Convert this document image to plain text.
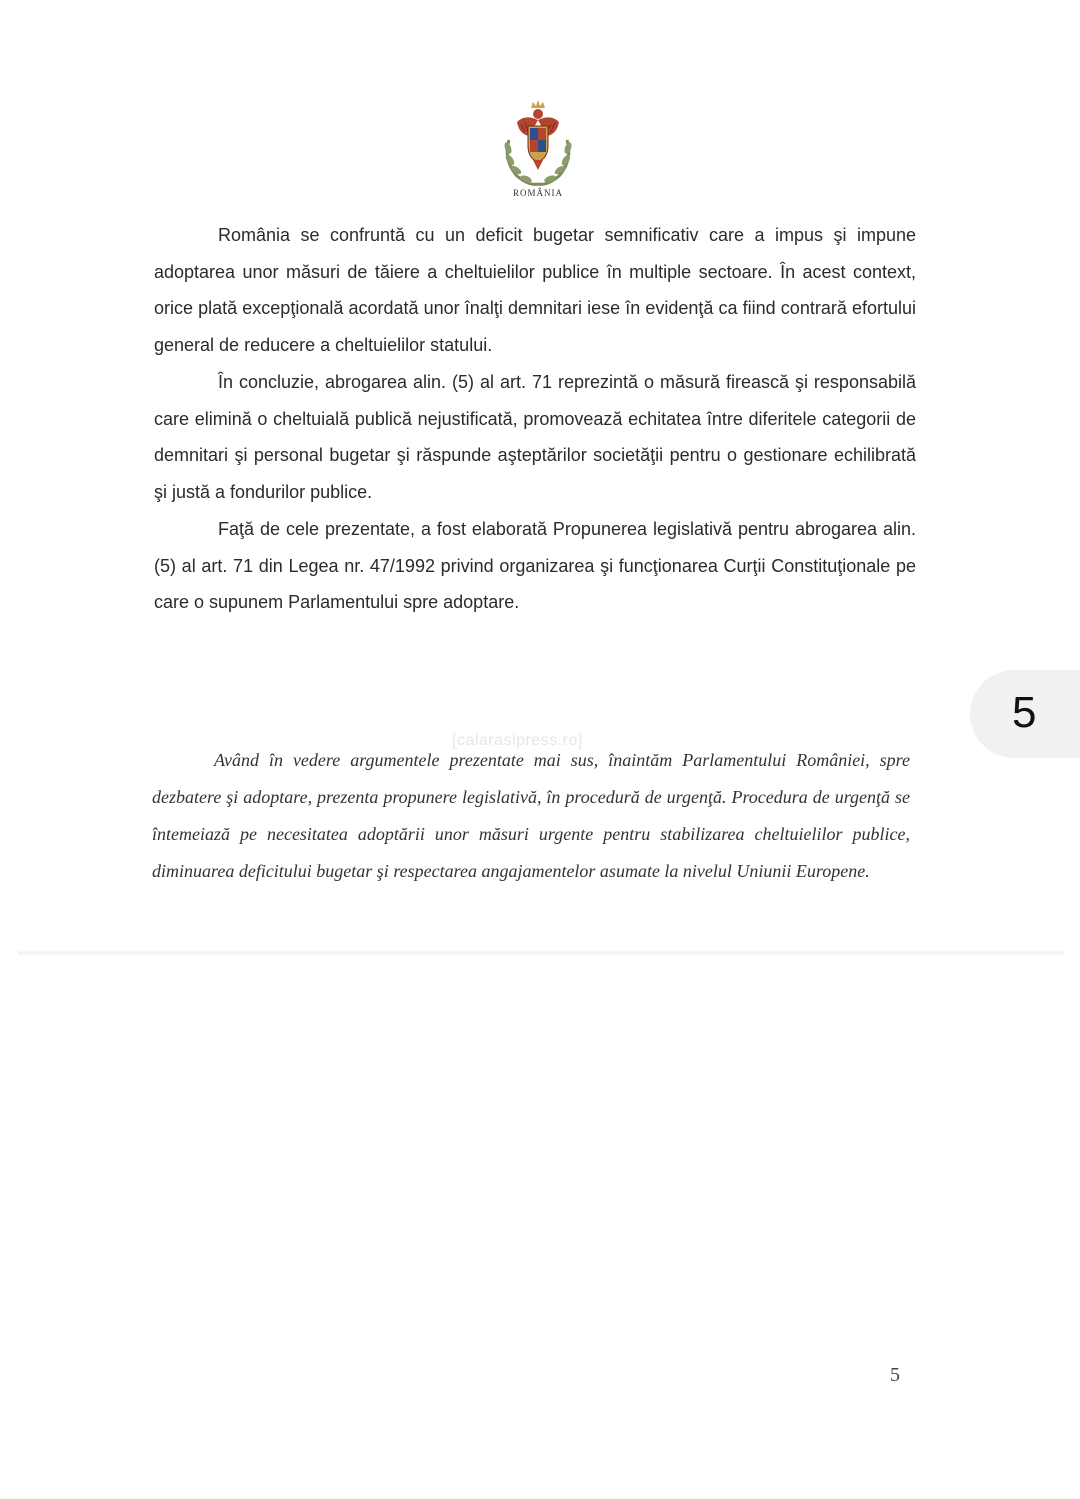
ROMÂNIA

România se confruntă cu un deficit bugetar semnificativ care a impus şi impune adoptarea unor măsuri de tăiere a cheltuielilor publice în multiple sectoare. În acest context, orice plată excepţională acordată unor înalţi demnitari iese în evidenţă ca fiind contrară efortului general de reducere a cheltuielilor statului.

În concluzie, abrogarea alin. (5) al art. 71 reprezintă o măsură firească şi responsabilă care elimină o cheltuială publică nejustificată, promovează echitatea între diferitele categorii de demnitari şi personal bugetar şi răspunde aşteptărilor societăţii pentru o gestionare echilibrată şi justă a fondurilor publice.

Faţă de cele prezentate, a fost elaborată Propunerea legislativă pentru abrogarea alin. (5) al art. 71 din Legea nr. 47/1992 privind organizarea şi funcţionarea Curţii Constituţionale pe care o supunem Parlamentului spre adoptare.

[calarasipress.ro]

Având în vedere argumentele prezentate mai sus, înaintăm Parlamentului României, spre dezbatere şi adoptare, prezenta propunere legislativă, în procedură de urgenţă. Procedura de urgenţă se întemeiază pe necesitatea adoptării unor măsuri urgente pentru stabilizarea cheltuielilor publice, diminuarea deficitului bugetar şi respectarea angajamentelor asumate la nivelul Uniunii Europene.

5
5
